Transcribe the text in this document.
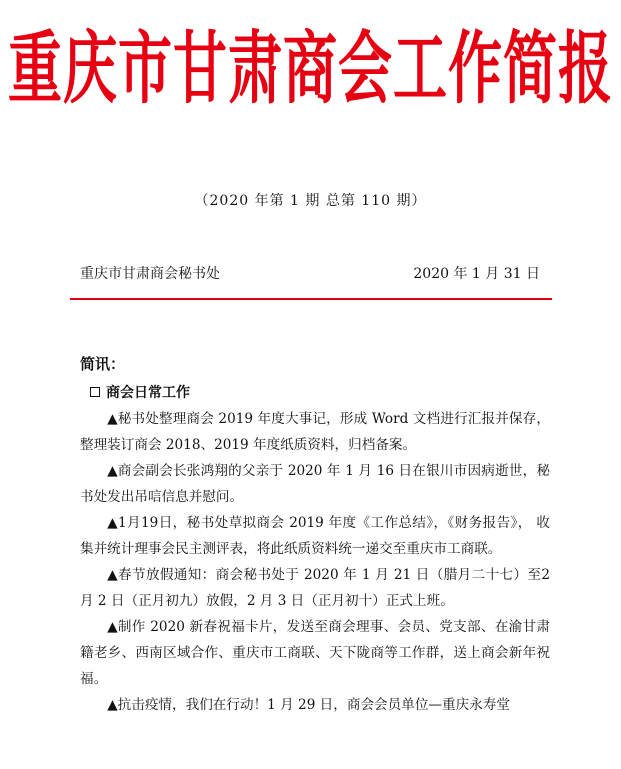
重庆市甘肃商会工作简报
（2020 年第 1 期 总第 110 期）
重庆市甘肃商会秘书处	2020 年 1 月 31 日
简讯：
商会日常工作

▲秘书处整理商会 2019 年度大事记，形成 Word 文档进行汇报并保存， 整理装订商会 2018、2019 年度纸质资料，归档备案。

▲商会副会长张鸿翔的父亲于 2020 年 1 月 16 日在银川市因病逝世，秘书处发出吊唁信息并慰问。

▲1月19日，秘书处草拟商会 2019 年度《工作总结》，《财务报告》， 收集并统计理事会民主测评表，将此纸质资料统一递交至重庆市工商联。

▲春节放假通知：商会秘书处于 2020 年 1 月 21 日（腊月二十七）至2月 2 日（正月初九）放假，2 月 3 日（正月初十）正式上班。

▲制作 2020 新春祝福卡片，发送至商会理事、会员、党支部、在渝甘肃籍老乡、西南区域合作、重庆市工商联、天下陇商等工作群，送上商会新年祝福。

▲抗击疫情，我们在行动！1 月 29 日，商会会员单位—重庆永寿堂
